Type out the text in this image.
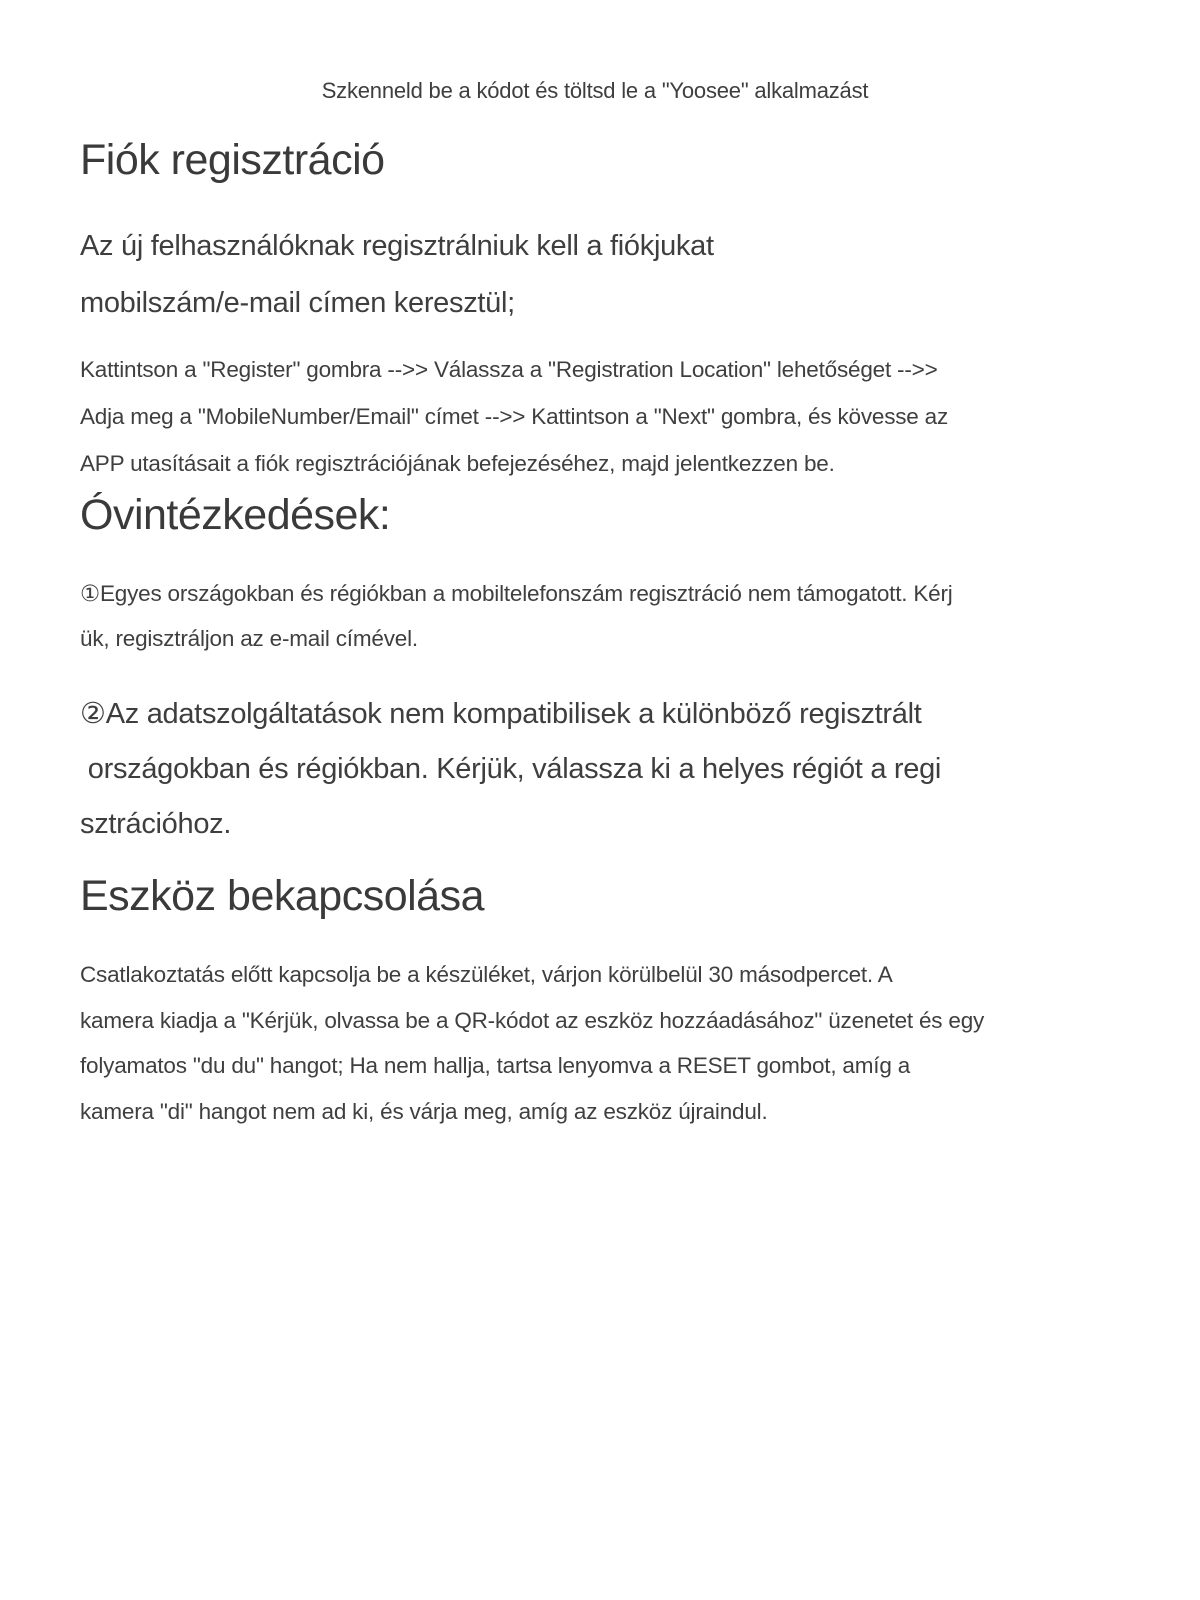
Szkenneld be a kódot és töltsd le a "Yoosee" alkalmazást
Fiók regisztráció
Az új felhasználóknak regisztrálniuk kell a fiókjukat
mobilszám/e-mail címen keresztül;
Kattintson a "Register" gombra -->> Válassza a "Registration Location" lehetőséget -->>
Adja meg a "MobileNumber/Email" címet -->> Kattintson a "Next" gombra, és kövesse az
APP utasításait a fiók regisztrációjának befejezéséhez, majd jelentkezzen be.
Óvintézkedések:
①Egyes országokban és régiókban a mobiltelefonszám regisztráció nem támogatott. Kérj
ük, regisztráljon az e-mail címével.
②Az adatszolgáltatások nem kompatibilisek a különböző regisztrált
országokban és régiókban. Kérjük, válassza ki a helyes régiót a regi
sztrációhoz.
Eszköz bekapcsolása
Csatlakoztatás előtt kapcsolja be a készüléket, várjon körülbelül 30 másodpercet. A
kamera kiadja a "Kérjük, olvassa be a QR-kódot az eszköz hozzáadásához" üzenetet és egy
folyamatos "du du" hangot; Ha nem hallja, tartsa lenyomva a RESET gombot, amíg a
kamera "di" hangot nem ad ki, és várja meg, amíg az eszköz újraindul.
